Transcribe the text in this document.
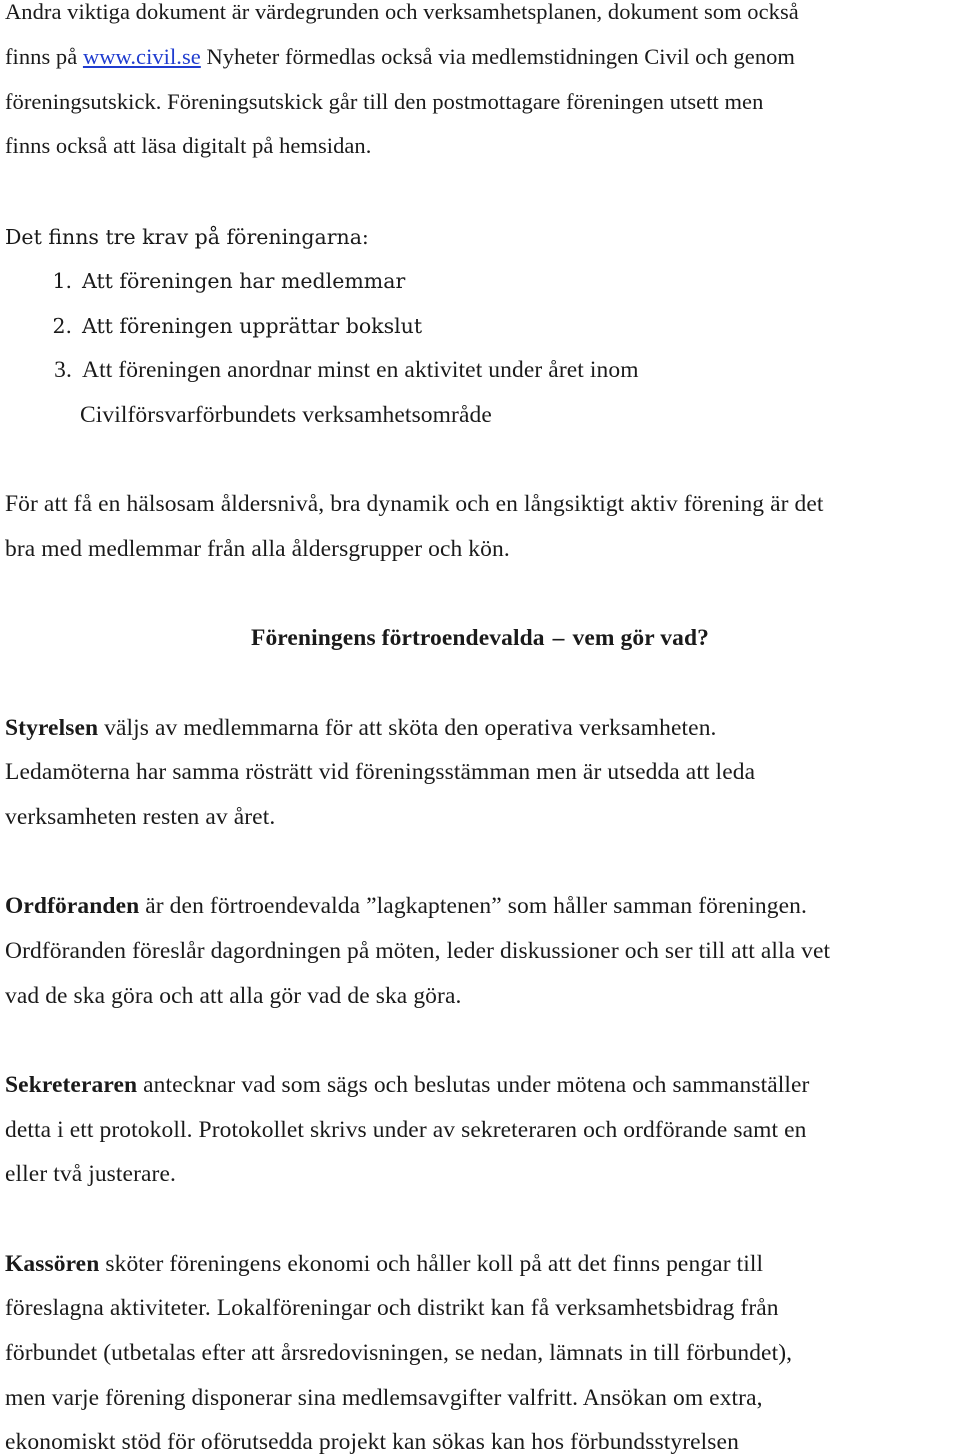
Andra viktiga dokument är värdegrunden och verksamhetsplanen, dokument som också
finns på www.civil.se Nyheter förmedlas också via medlemstidningen Civil och genom
föreningsutskick. Föreningsutskick går till den postmottagare föreningen utsett men
finns också att läsa digitalt på hemsidan.
Det finns tre krav på föreningarna:
1. Att föreningen har medlemmar
2. Att föreningen upprättar bokslut
3. Att föreningen anordnar minst en aktivitet under året inom
Civilförsvarförbundets verksamhetsområde
För att få en hälsosam åldersnivå, bra dynamik och en långsiktigt aktiv förening är det
bra med medlemmar från alla åldersgrupper och kön.
Föreningens förtroendevalda – vem gör vad?
Styrelsen väljs av medlemmarna för att sköta den operativa verksamheten.
Ledamöterna har samma rösträtt vid föreningsstämman men är utsedda att leda
verksamheten resten av året.
Ordföranden är den förtroendevalda ”lagkaptenen” som håller samman föreningen.
Ordföranden föreslår dagordningen på möten, leder diskussioner och ser till att alla vet
vad de ska göra och att alla gör vad de ska göra.
Sekreteraren antecknar vad som sägs och beslutas under mötena och sammanställer
detta i ett protokoll. Protokollet skrivs under av sekreteraren och ordförande samt en
eller två justerare.
Kassören sköter föreningens ekonomi och håller koll på att det finns pengar till
föreslagna aktiviteter. Lokalföreningar och distrikt kan få verksamhetsbidrag från
förbundet (utbetalas efter att årsredovisningen, se nedan, lämnats in till förbundet),
men varje förening disponerar sina medlemsavgifter valfritt. Ansökan om extra,
ekonomiskt stöd för oförutsedda projekt kan sökas kan hos förbundsstyrelsen
